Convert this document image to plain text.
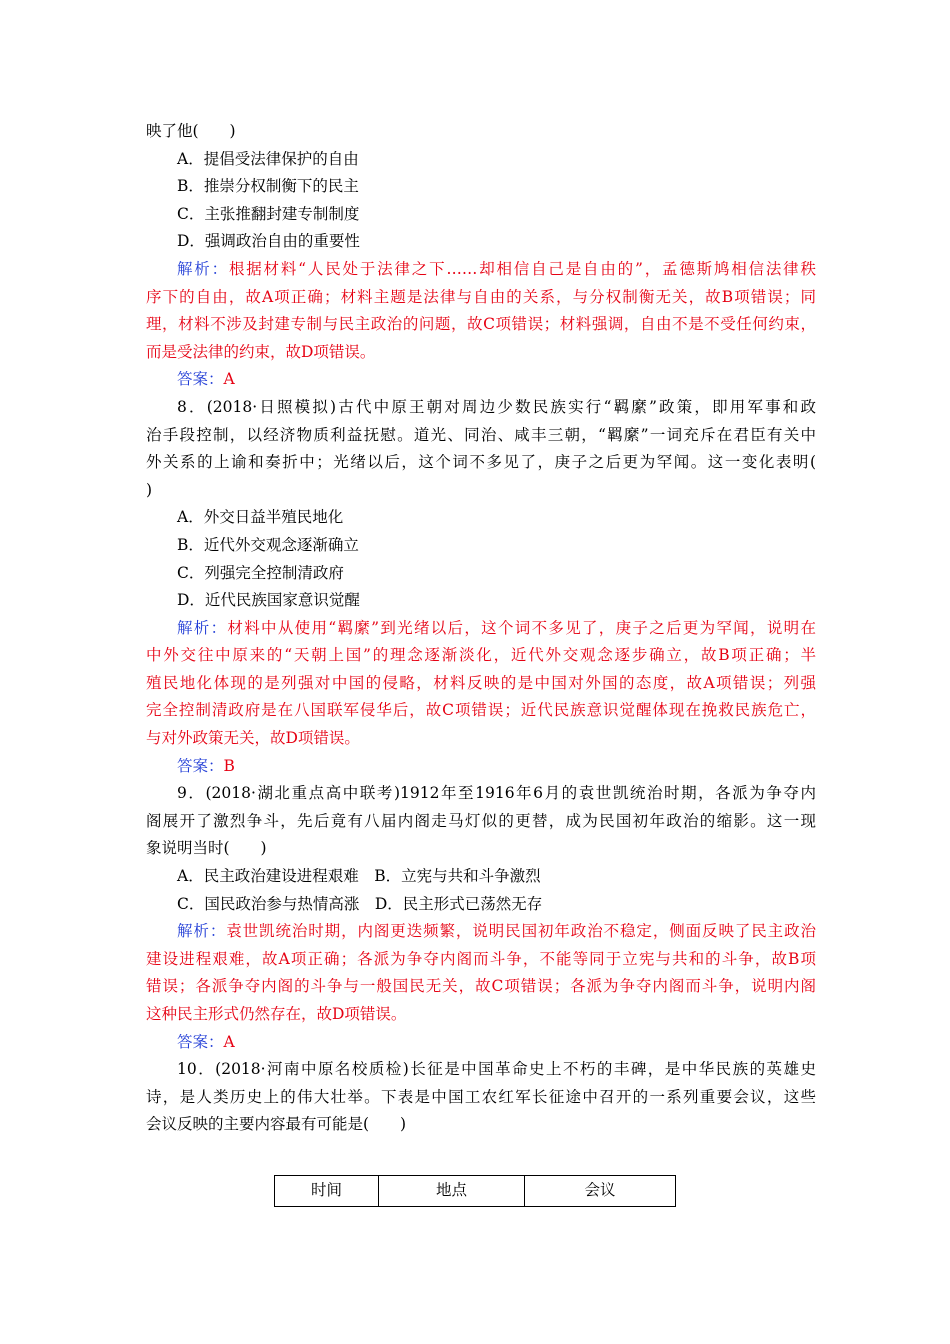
映了他(　　)
A．提倡受法律保护的自由
B．推崇分权制衡下的民主
C．主张推翻封建专制制度
D．强调政治自由的重要性
解析：根据材料“人民处于法律之下……却相信自己是自由的”，孟德斯鸠相信法律秩
序下的自由，故A项正确；材料主题是法律与自由的关系，与分权制衡无关，故B项错误；同
理，材料不涉及封建专制与民主政治的问题，故C项错误；材料强调，自由不是不受任何约束，
而是受法律的约束，故D项错误。
答案：A
8．(2018·日照模拟)古代中原王朝对周边少数民族实行“羁縻”政策，即用军事和政
治手段控制，以经济物质利益抚慰。道光、同治、咸丰三朝，“羁縻”一词充斥在君臣有关中
外关系的上谕和奏折中；光绪以后，这个词不多见了，庚子之后更为罕闻。这一变化表明(
)
A．外交日益半殖民地化
B．近代外交观念逐渐确立
C．列强完全控制清政府
D．近代民族国家意识觉醒
解析：材料中从使用“羁縻”到光绪以后，这个词不多见了，庚子之后更为罕闻，说明在
中外交往中原来的“天朝上国”的理念逐渐淡化，近代外交观念逐步确立，故B项正确；半
殖民地化体现的是列强对中国的侵略，材料反映的是中国对外国的态度，故A项错误；列强
完全控制清政府是在八国联军侵华后，故C项错误；近代民族意识觉醒体现在挽救民族危亡，
与对外政策无关，故D项错误。
答案：B
9．(2018·湖北重点高中联考)1912年至1916年6月的袁世凯统治时期，各派为争夺内
阁展开了激烈争斗，先后竟有八届内阁走马灯似的更替，成为民国初年政治的缩影。这一现
象说明当时(　　)
A．民主政治建设进程艰难　B．立宪与共和斗争激烈
C．国民政治参与热情高涨　D．民主形式已荡然无存
解析：袁世凯统治时期，内阁更迭频繁，说明民国初年政治不稳定，侧面反映了民主政治
建设进程艰难，故A项正确；各派为争夺内阁而斗争，不能等同于立宪与共和的斗争，故B项
错误；各派争夺内阁的斗争与一般国民无关，故C项错误；各派为争夺内阁而斗争，说明内阁
这种民主形式仍然存在，故D项错误。
答案：A
10．(2018·河南中原名校质检)长征是中国革命史上不朽的丰碑，是中华民族的英雄史
诗，是人类历史上的伟大壮举。下表是中国工农红军长征途中召开的一系列重要会议，这些
会议反映的主要内容最有可能是(　　)
时间	地点	会议
